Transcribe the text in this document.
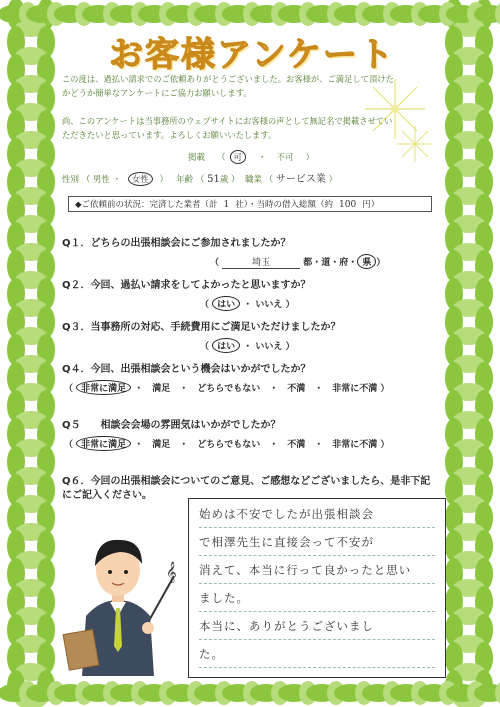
お客様アンケート
この度は、過払い請求でのご依頼ありがとうございました。お客様が、ご満足して頂けた
かどうか簡単なアンケートにご協力お願いします。
尚、このアンケートは当事務所のウェブサイトにお客様の声として無記名で掲載させてい
ただきたいと思っています。よろしくお願いいたします。
掲載 （ 可 ・ 不可 ）
性別 （ 男性 ・ 女性 ）   年齢 （ 51歳 ）  職業 （ サービス業 ）
◆ご依頼前の状況：完済した業者（計 1 社）・当時の借入総額（約 100 円）
Q１．どちらの出張相談会にご参加されましたか？
（	埼玉	都・道・府・ 県 ）
Q２．今回、過払い請求をしてよかったと思いますか？
（ はい ・ いいえ ）
Q３．当事務所の対応、手続費用にご満足いただけましたか？
（ はい ・ いいえ ）
Q４．今回、出張相談会という機会はいかがでしたか？
（ 非常に満足 ・　満足　・　どちらでもない　・　不満　・　非常に不満 ）
Q５　　相談会会場の雰囲気はいかがでしたか？
（ 非常に満足 ・　満足　・　どちらでもない　・　不満　・　非常に不満 ）
Q６．今回の出張相談会についてのご意見、ご感想などございましたら、是非下記
にご記入ください。
𝄞
始めは不安でしたが出張相談会
で相澤先生に直接会って不安が
消えて、本当に行って良かったと思い
ました。
本当に、ありがとうございまし
た。
